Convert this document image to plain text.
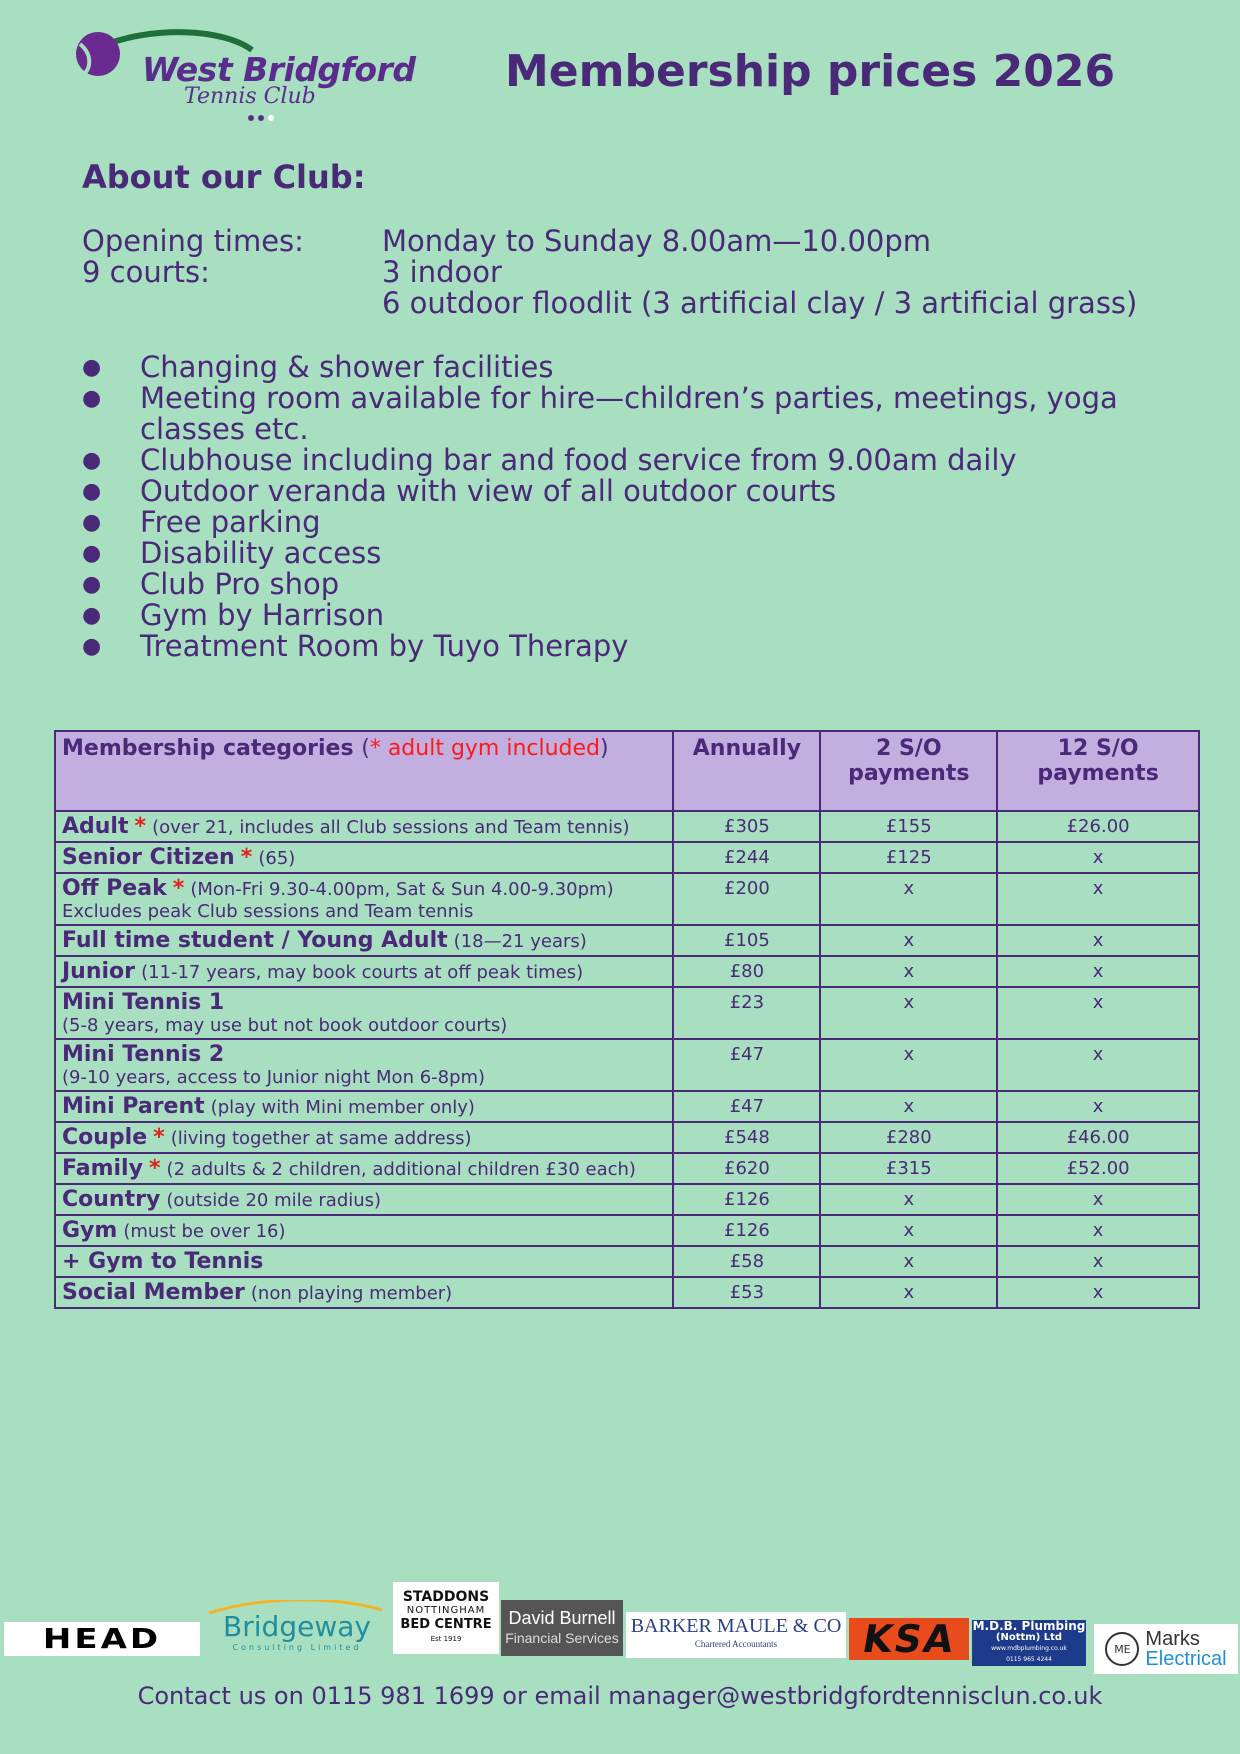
West Bridgford
Tennis Club	Membership prices 2026
About our Club:
Opening times:	Monday to Sunday 8.00am—10.00pm
9 courts:	3 indoor
6 outdoor floodlit (3 artificial clay / 3 artificial grass)
● Changing & shower facilities
● Meeting room available for hire—children’s parties, meetings, yoga classes etc.
● Clubhouse including bar and food service from 9.00am daily
● Outdoor veranda with view of all outdoor courts
● Free parking
● Disability access
● Club Pro shop
● Gym by Harrison
● Treatment Room by Tuyo Therapy
Membership categories (* adult gym included)	Annually	2 S/O payments	12 S/O payments
Adult * (over 21, includes all Club sessions and Team tennis)	£305	£155	£26.00
Senior Citizen * (65)	£244	£125	x
Off Peak * (Mon-Fri 9.30-4.00pm, Sat & Sun 4.00-9.30pm)
Excludes peak Club sessions and Team tennis	£200	x	x
Full time student / Young Adult (18—21 years)	£105	x	x
Junior (11-17 years, may book courts at off peak times)	£80	x	x
Mini Tennis 1
(5-8 years, may use but not book outdoor courts)	£23	x	x
Mini Tennis 2
(9-10 years, access to Junior night Mon 6-8pm)	£47	x	x
Mini Parent (play with Mini member only)	£47	x	x
Couple * (living together at same address)	£548	£280	£46.00
Family * (2 adults & 2 children, additional children £30 each)	£620	£315	£52.00
Country (outside 20 mile radius)	£126	x	x
Gym (must be over 16)	£126	x	x
+ Gym to Tennis	£58	x	x
Social Member (non playing member)	£53	x	x
HEAD Bridgeway
Consulting Limited
STADDONS
NOTTINGHAM
BED CENTRE
Est 1919
David Burnell
Financial Services
BARKER MAULE & CO
Chartered Accountants KSA M.D.B. Plumbing
(Nottm) Ltd
www.mdbplumbing.co.uk
0115 965 4244
ME Marks
Electrical
Contact us on 0115 981 1699 or email manager@westbridgfordtennisclun.co.uk
